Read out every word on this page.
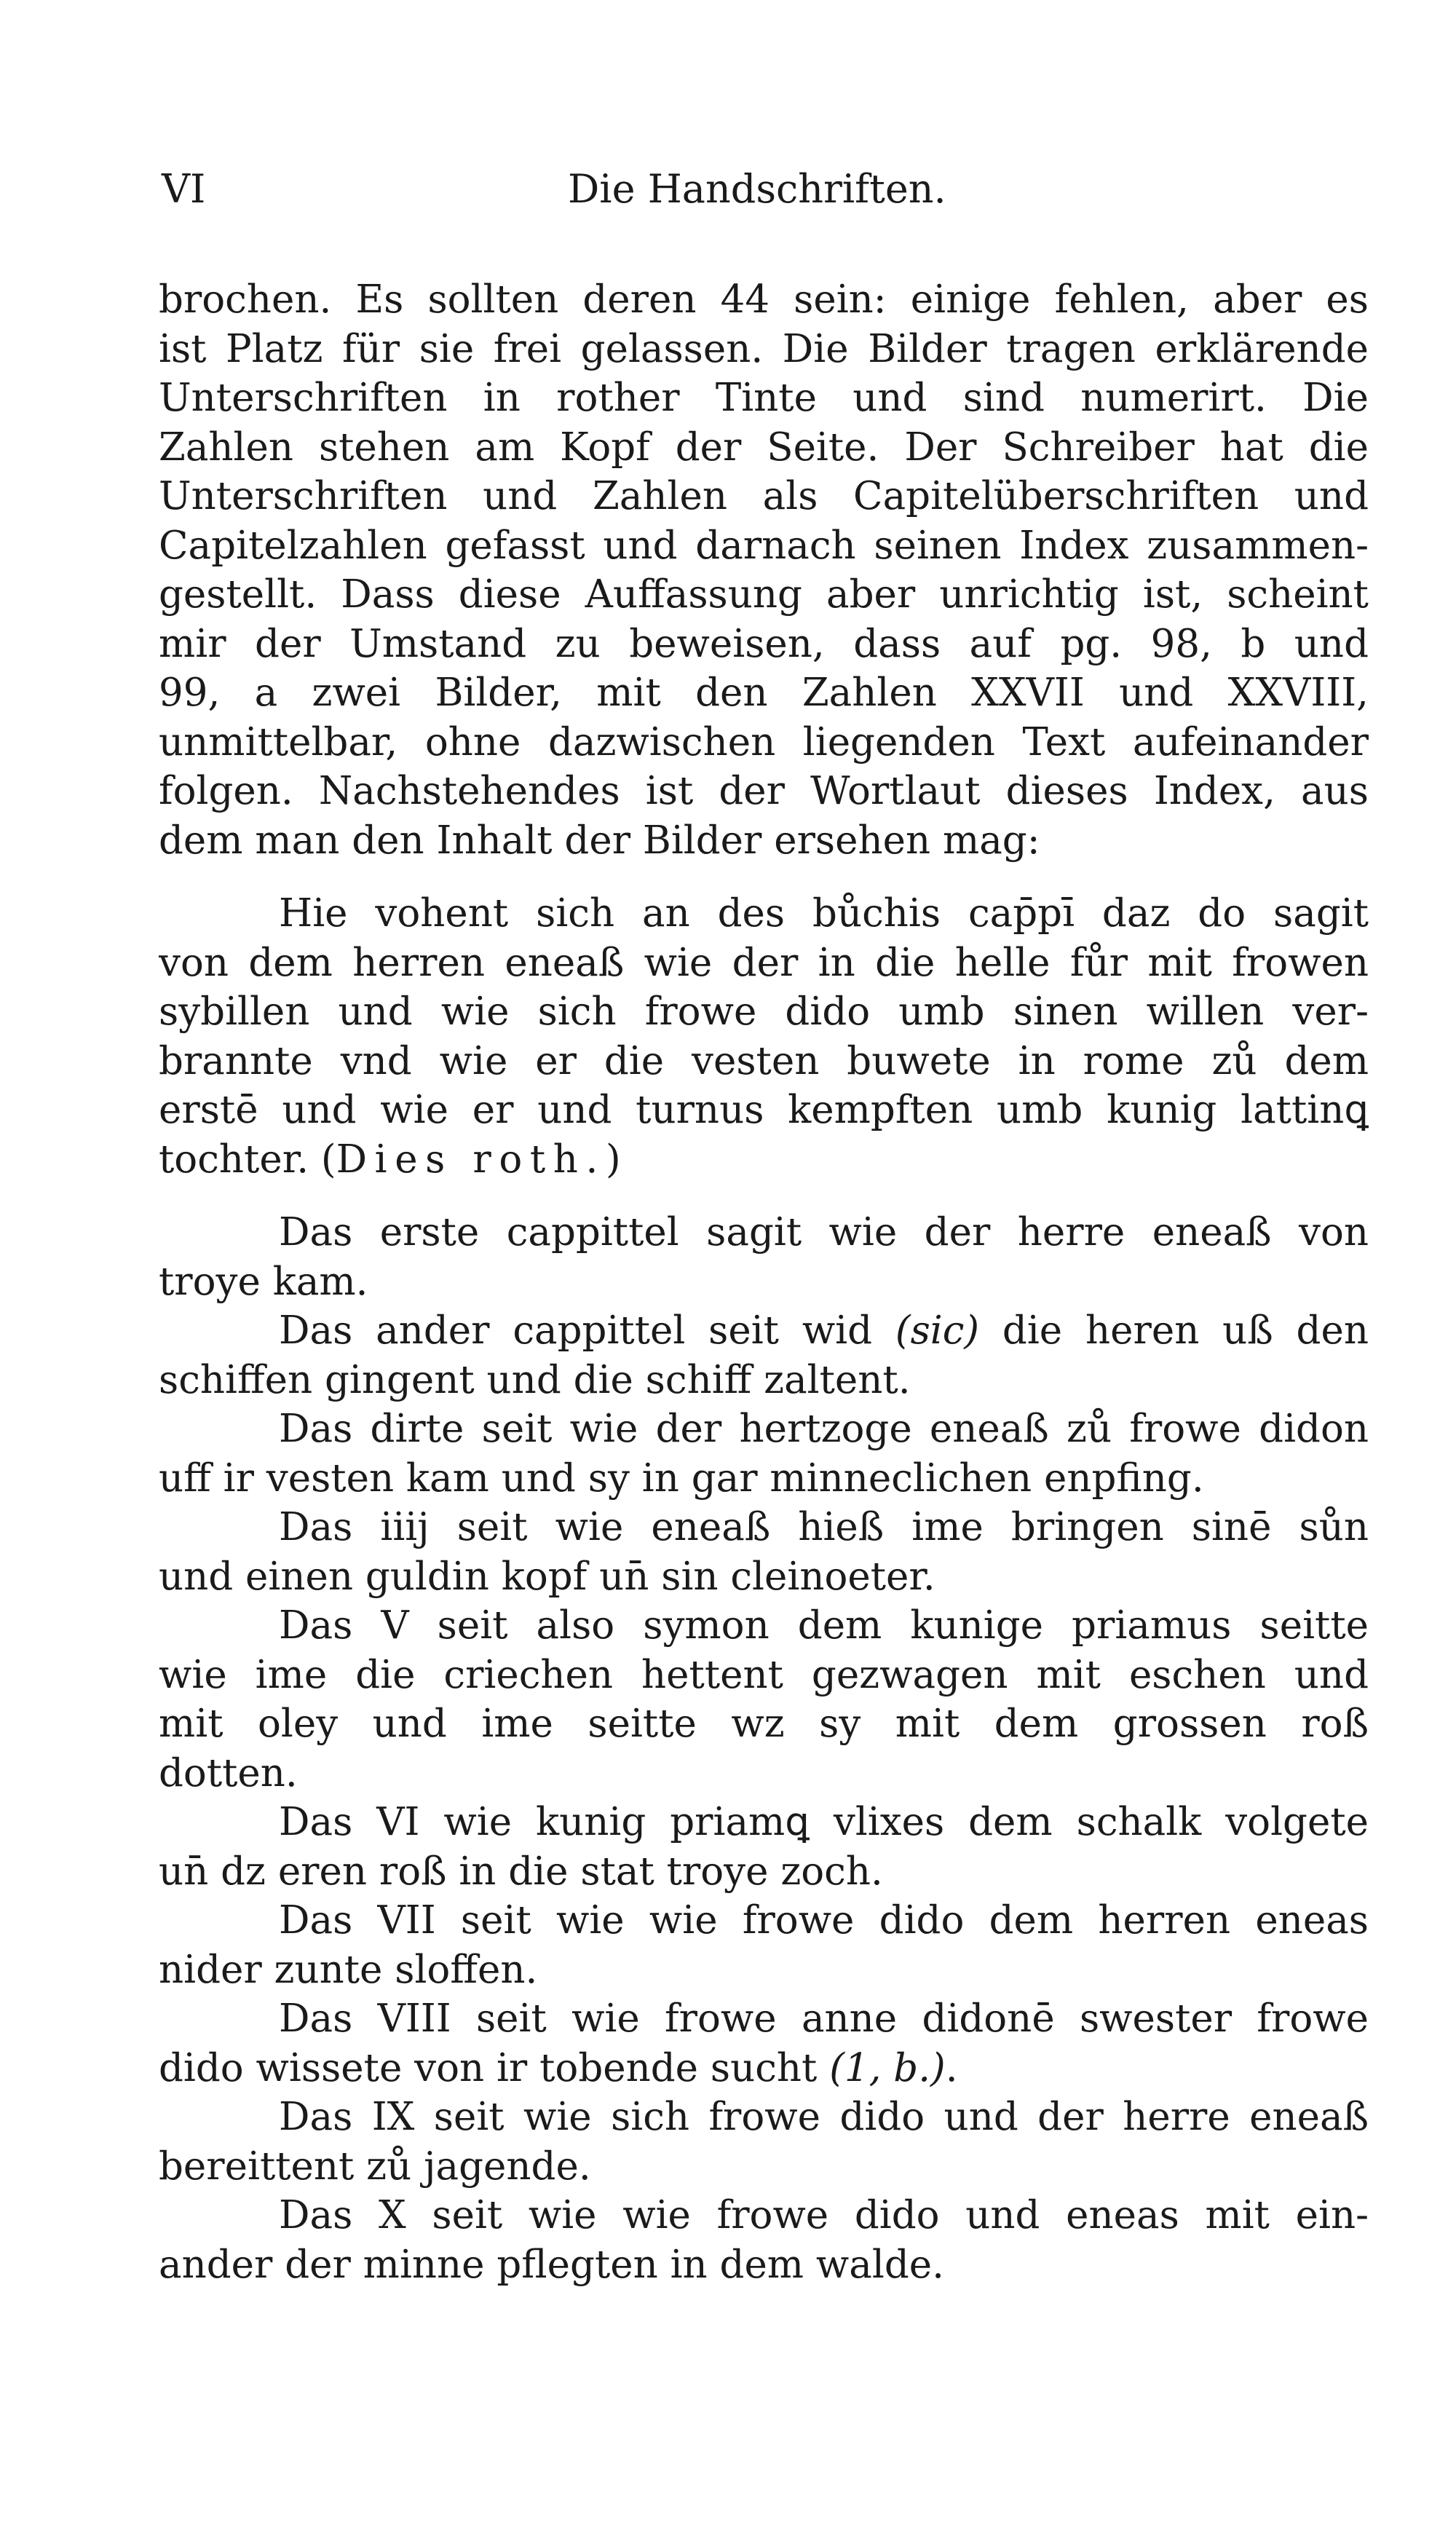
VI	Die Handschriften.
brochen. Es sollten deren 44 sein: einige fehlen, aber es
ist Platz für sie frei gelassen. Die Bilder tragen erklärende
Unterschriften in rother Tinte und sind numerirt. Die
Zahlen stehen am Kopf der Seite. Der Schreiber hat die
Unterschriften und Zahlen als Capitelüberschriften und
Capitelzahlen gefasst und darnach seinen Index zusammen-
gestellt. Dass diese Auffassung aber unrichtig ist, scheint
mir der Umstand zu beweisen, dass auf pg. 98, b und
99, a zwei Bilder, mit den Zahlen XXVII und XXVIII,
unmittelbar, ohne dazwischen liegenden Text aufeinander
folgen. Nachstehendes ist der Wortlaut dieses Index, aus
dem man den Inhalt der Bilder ersehen mag:
Hie vohent sich an des bůchis cap̄pī daz do sagit
von dem herren eneaß wie der in die helle fůr mit frowen
sybillen und wie sich frowe dido umb sinen willen ver-
brannte vnd wie er die vesten buwete in rome zů dem
erstē und wie er und turnus kempften umb kunig lattinꝗ
tochter. (Dies roth.)
Das erste cappittel sagit wie der herre eneaß von
troye kam.
Das ander cappittel seit wid (sic) die heren uß den
schiffen gingent und die schiff zaltent.
Das dirte seit wie der hertzoge eneaß zů frowe didon
uff ir vesten kam und sy in gar minneclichen enpfing.
Das iiij seit wie eneaß hieß ime bringen sinē sůn
und einen guldin kopf un̄ sin cleinoeter.
Das V seit also symon dem kunige priamus seitte
wie ime die criechen hettent gezwagen mit eschen und
mit oley und ime seitte wz sy mit dem grossen roß
dotten.
Das VI wie kunig priamꝗ vlixes dem schalk volgete
un̄ dz eren roß in die stat troye zoch.
Das VII seit wie wie frowe dido dem herren eneas
nider zunte sloffen.
Das VIII seit wie frowe anne didonē swester frowe
dido wissete von ir tobende sucht (1, b.).
Das IX seit wie sich frowe dido und der herre eneaß
bereittent zů jagende.
Das X seit wie wie frowe dido und eneas mit ein-
ander der minne pflegten in dem walde.
